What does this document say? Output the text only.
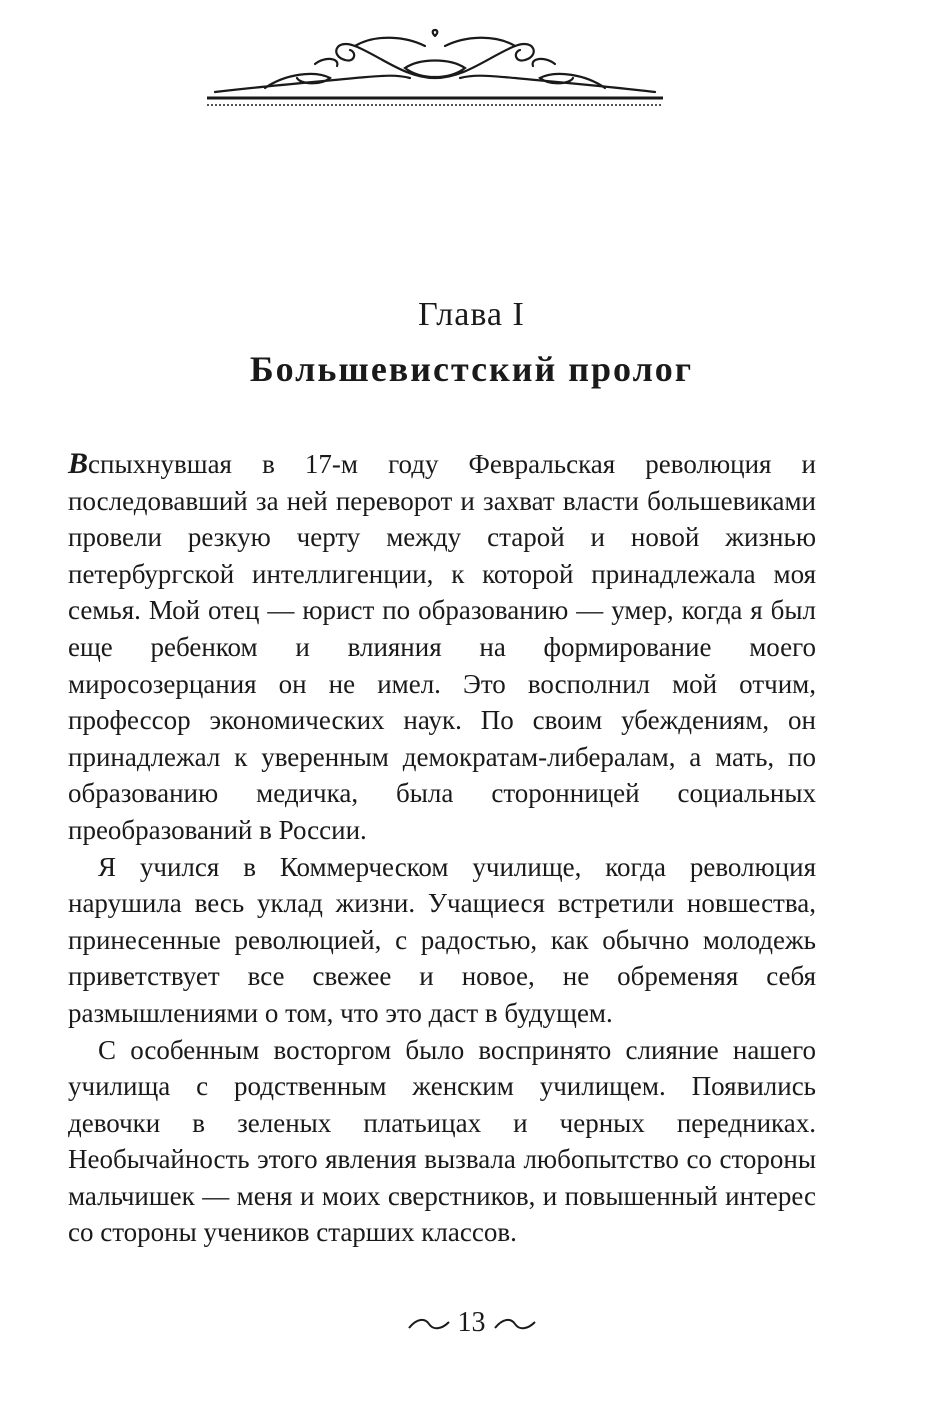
Глава I
Большевистский пролог

Вспыхнувшая в 17-м году Февральская революция и последовавший за ней переворот и захват власти большевиками провели резкую черту между старой и новой жизнью петербургской интеллигенции, к которой принадлежала моя семья. Мой отец — юрист по образованию — умер, когда я был еще ребенком и влияния на формирование моего миросозерцания он не имел. Это восполнил мой отчим, профессор экономических наук. По своим убеждениям, он принадлежал к уверенным демократам-либералам, а мать, по образованию медичка, была сторонницей социальных преобразований в России.

Я учился в Коммерческом училище, когда революция нарушила весь уклад жизни. Учащиеся встретили новшества, принесенные революцией, с радостью, как обычно молодежь приветствует все свежее и новое, не обременяя себя размышлениями о том, что это даст в будущем.

С особенным восторгом было воспринято слияние нашего училища с родственным женским училищем. Появились девочки в зеленых платьицах и черных передниках. Необычайность этого явления вызвала любопытство со стороны мальчишек — меня и моих сверстников, и повышенный интерес со стороны учеников старших классов.

13
